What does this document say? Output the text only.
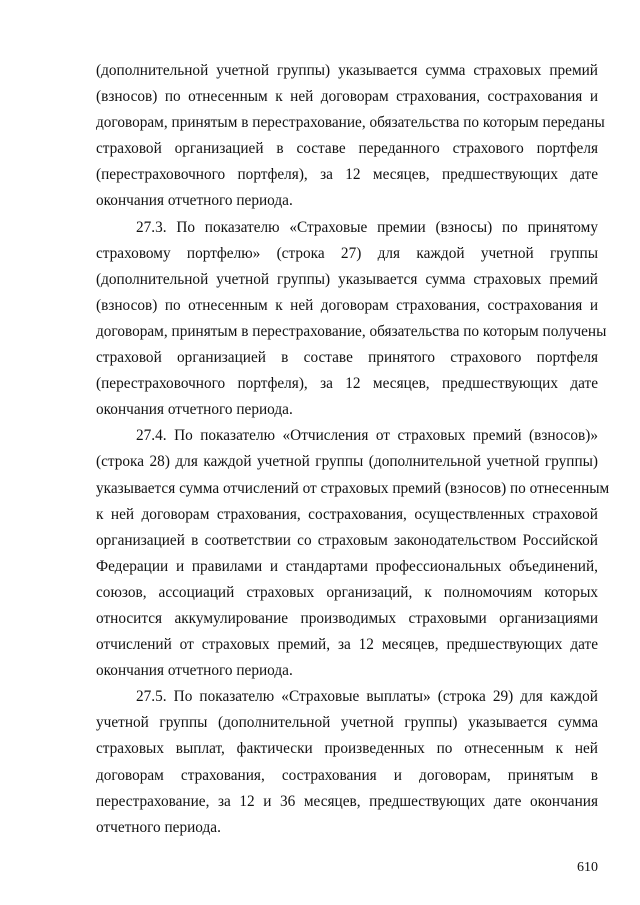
(дополнительной учетной группы) указывается сумма страховых премий
(взносов) по отнесенным к ней договорам страхования, сострахования и
договорам, принятым в перестрахование, обязательства по которым переданы
страховой организацией в составе переданного страхового портфеля
(перестраховочного портфеля), за 12 месяцев, предшествующих дате
окончания отчетного периода.
27.3. По показателю «Страховые премии (взносы) по принятому
страховому портфелю» (строка 27) для каждой учетной группы
(дополнительной учетной группы) указывается сумма страховых премий
(взносов) по отнесенным к ней договорам страхования, сострахования и
договорам, принятым в перестрахование, обязательства по которым получены
страховой организацией в составе принятого страхового портфеля
(перестраховочного портфеля), за 12 месяцев, предшествующих дате
окончания отчетного периода.
27.4. По показателю «Отчисления от страховых премий (взносов)»
(строка 28) для каждой учетной группы (дополнительной учетной группы)
указывается сумма отчислений от страховых премий (взносов) по отнесенным
к ней договорам страхования, сострахования, осуществленных страховой
организацией в соответствии со страховым законодательством Российской
Федерации и правилами и стандартами профессиональных объединений,
союзов, ассоциаций страховых организаций, к полномочиям которых
относится аккумулирование производимых страховыми организациями
отчислений от страховых премий, за 12 месяцев, предшествующих дате
окончания отчетного периода.
27.5. По показателю «Страховые выплаты» (строка 29) для каждой
учетной группы (дополнительной учетной группы) указывается сумма
страховых выплат, фактически произведенных по отнесенным к ней
договорам страхования, сострахования и договорам, принятым в
перестрахование, за 12 и 36 месяцев, предшествующих дате окончания
отчетного периода.
610
